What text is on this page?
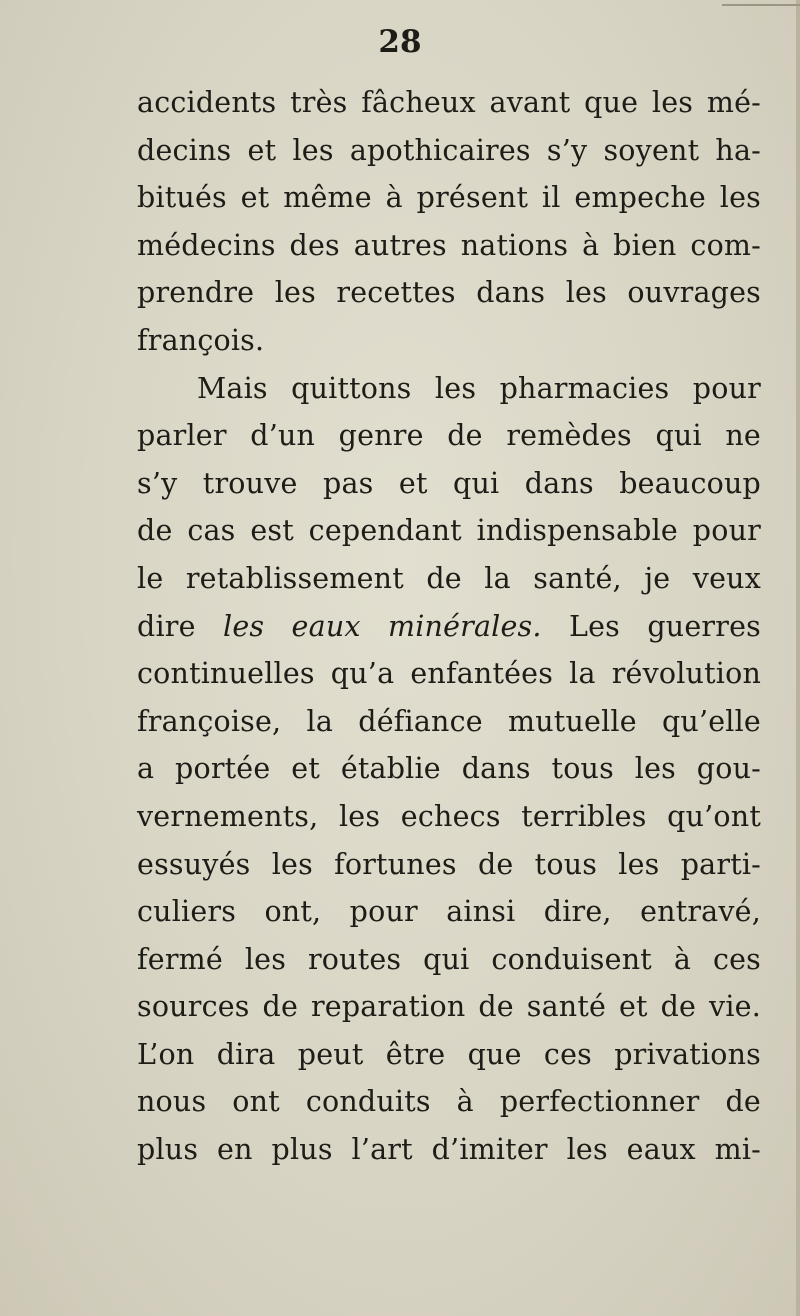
28
accidents très fâcheux avant que les mé-
decins et les apothicaires s’y soyent ha-
bitués et même à présent il empeche les
médecins des autres nations à bien com-
prendre les recettes dans les ouvrages
françois.
Mais quittons les pharmacies pour
parler d’un genre de remèdes qui ne
s’y trouve pas et qui dans beaucoup
de cas est cependant indispensable pour
le retablissement de la santé, je veux
dire les eaux minérales. Les guerres
continuelles qu’a enfantées la révolution
françoise, la défiance mutuelle qu’elle
a portée et établie dans tous les gou-
vernements, les echecs terribles qu’ont
essuyés les fortunes de tous les parti-
culiers ont, pour ainsi dire, entravé,
fermé les routes qui conduisent à ces
sources de reparation de santé et de vie.
L’on dira peut être que ces privations
nous ont conduits à perfectionner de
plus en plus l’art d’imiter les eaux mi-
